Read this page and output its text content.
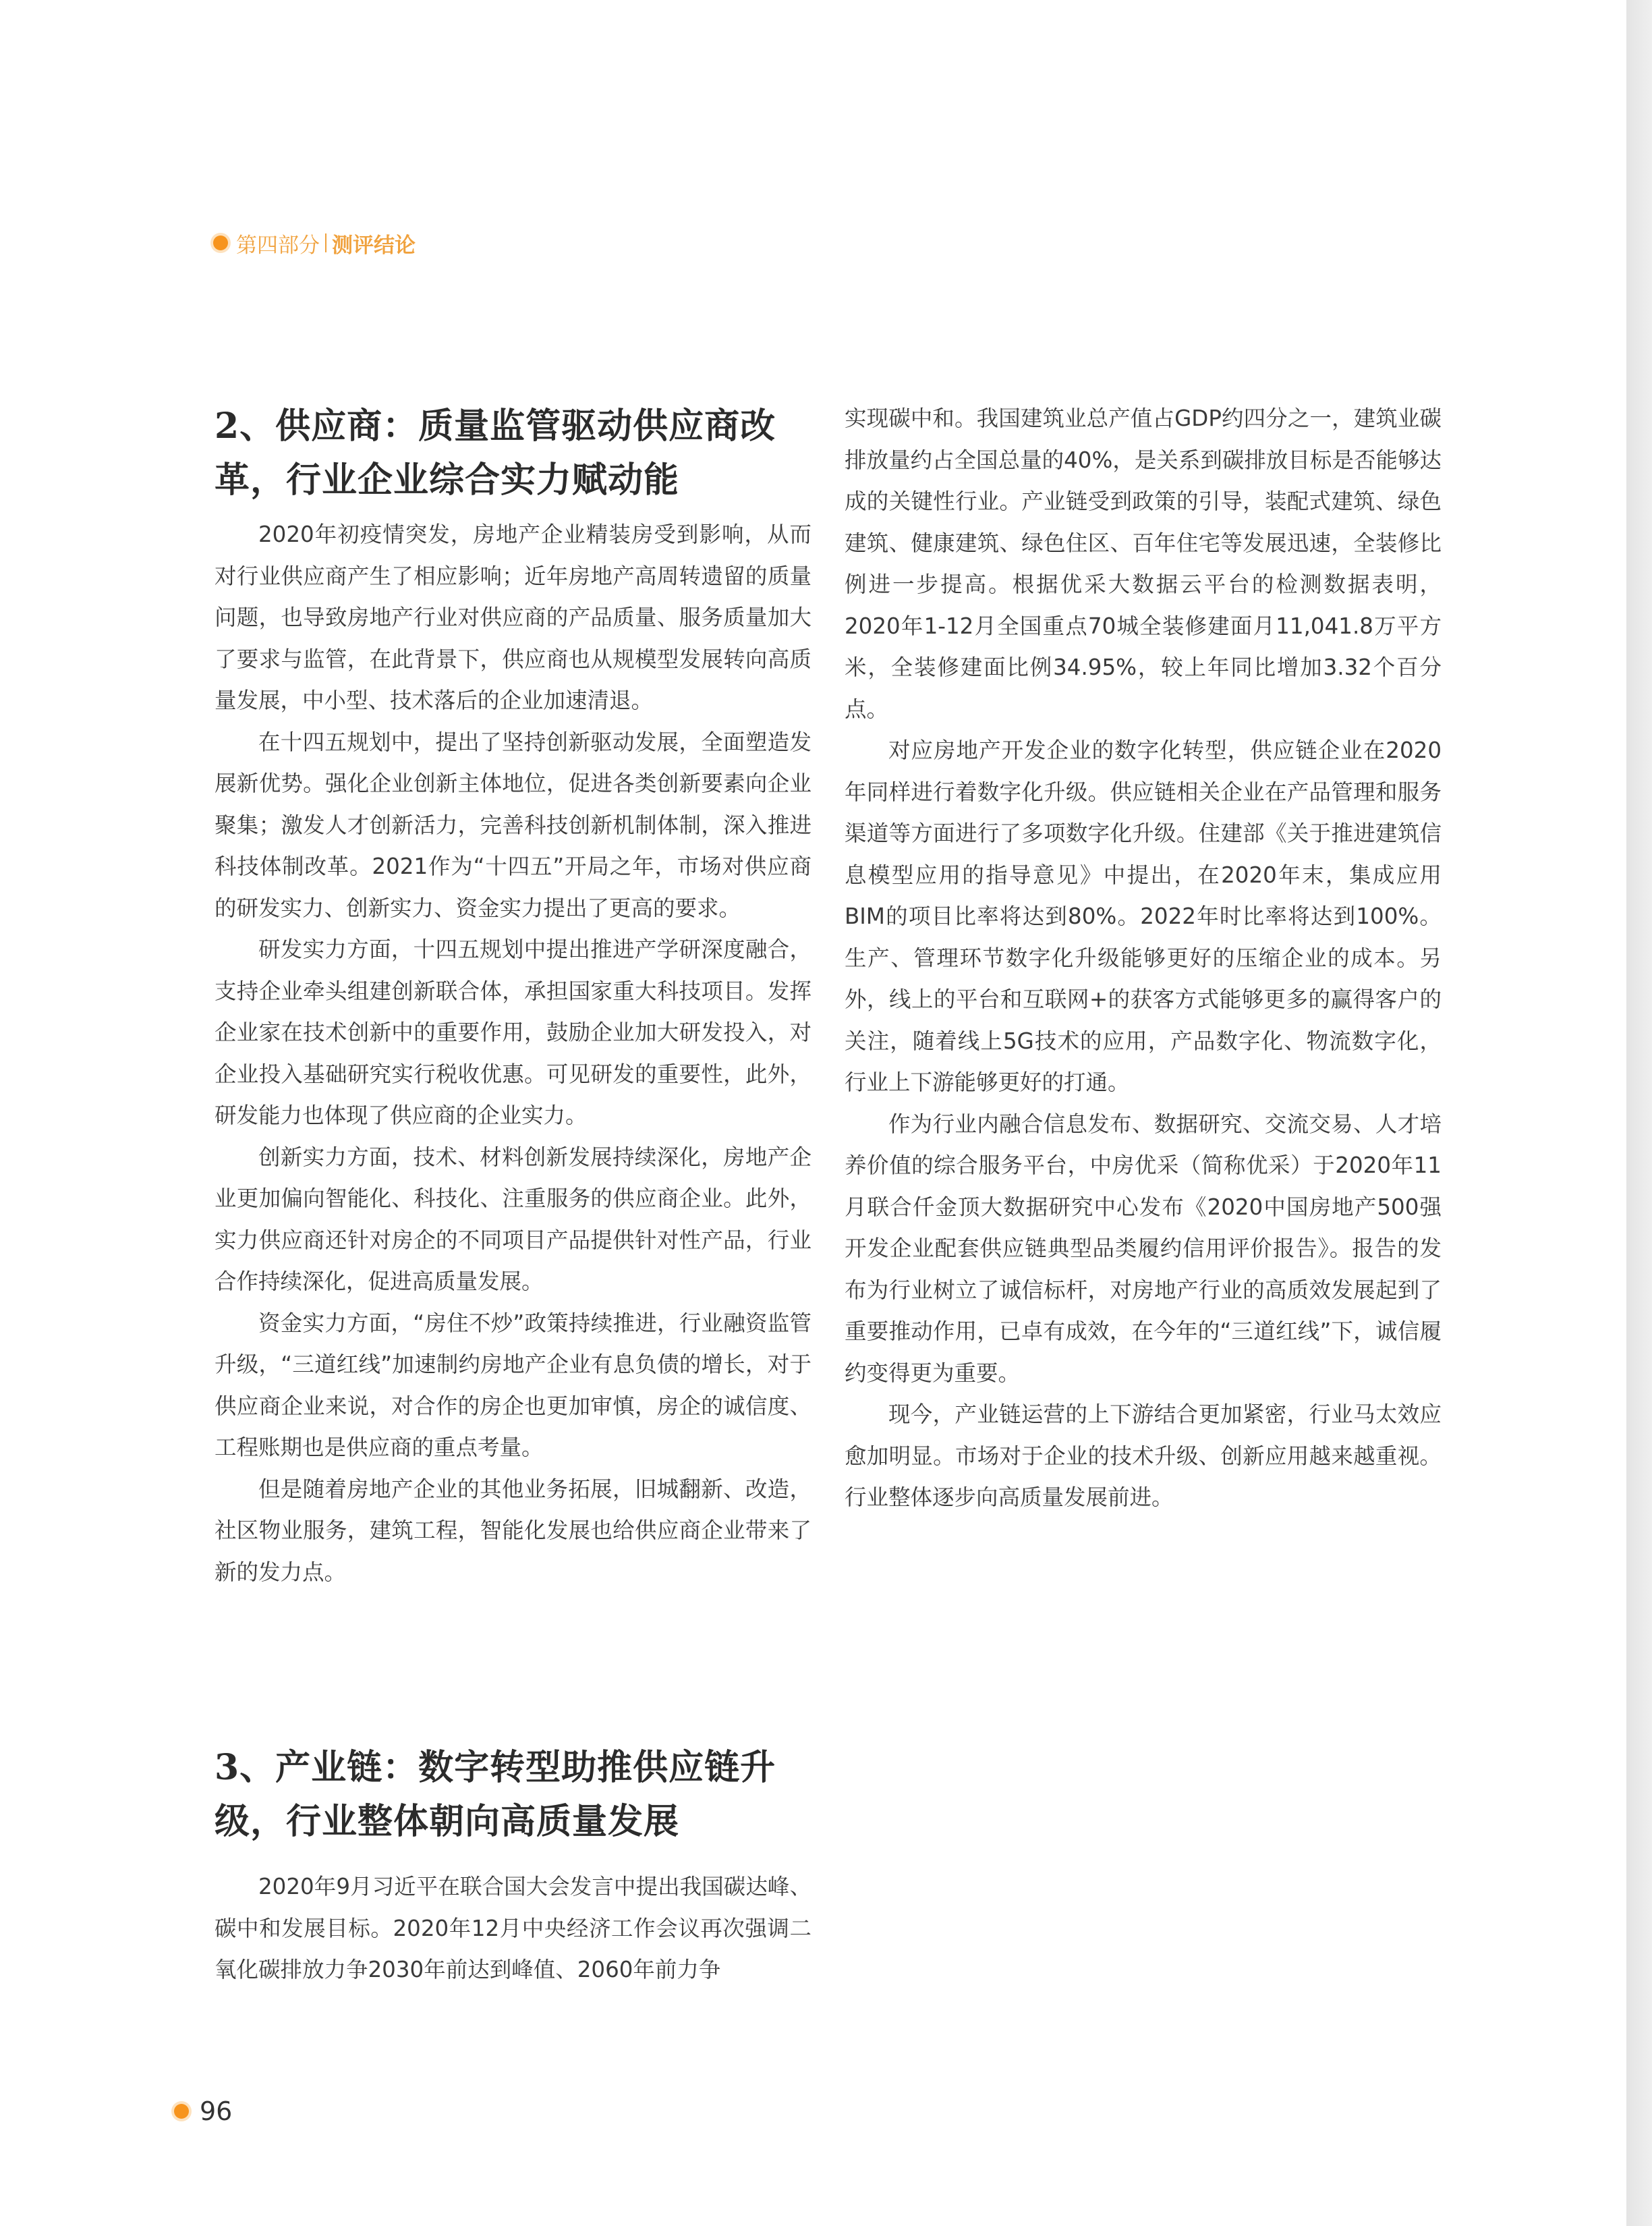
第四部分 测评结论
2、供应商：质量监管驱动供应商改
革，行业企业综合实力赋动能

2020年初疫情突发，房地产企业精装房受到影响，从而对行业供应商产生了相应影响；近年房地产高周转遗留的质量问题，也导致房地产行业对供应商的产品质量、服务质量加大了要求与监管，在此背景下，供应商也从规模型发展转向高质量发展，中小型、技术落后的企业加速清退。

在十四五规划中，提出了坚持创新驱动发展，全面塑造发展新优势。强化企业创新主体地位，促进各类创新要素向企业聚集；激发人才创新活力，完善科技创新机制体制，深入推进科技体制改革。2021作为“十四五”开局之年，市场对供应商的研发实力、创新实力、资金实力提出了更高的要求。

研发实力方面，十四五规划中提出推进产学研深度融合，支持企业牵头组建创新联合体，承担国家重大科技项目。发挥企业家在技术创新中的重要作用，鼓励企业加大研发投入，对企业投入基础研究实行税收优惠。可见研发的重要性，此外，研发能力也体现了供应商的企业实力。

创新实力方面，技术、材料创新发展持续深化，房地产企业更加偏向智能化、科技化、注重服务的供应商企业。此外，实力供应商还针对房企的不同项目产品提供针对性产品，行业合作持续深化，促进高质量发展。

资金实力方面，“房住不炒”政策持续推进，行业融资监管升级，“三道红线”加速制约房地产企业有息负债的增长，对于供应商企业来说，对合作的房企也更加审慎，房企的诚信度、工程账期也是供应商的重点考量。

但是随着房地产企业的其他业务拓展，旧城翻新、改造，社区物业服务，建筑工程，智能化发展也给供应商企业带来了新的发力点。

3、产业链：数字转型助推供应链升
级，行业整体朝向高质量发展

2020年9月习近平在联合国大会发言中提出我国碳达峰、碳中和发展目标。2020年12月中央经济工作会议再次强调二氧化碳排放力争2030年前达到峰值、2060年前力争

实现碳中和。我国建筑业总产值占GDP约四分之一，建筑业碳排放量约占全国总量的40%，是关系到碳排放目标是否能够达成的关键性行业。产业链受到政策的引导，装配式建筑、绿色建筑、健康建筑、绿色住区、百年住宅等发展迅速，全装修比例进一步提高。根据优采大数据云平台的检测数据表明，2020年1-12月全国重点70城全装修建面月11,041.8万平方米，全装修建面比例34.95%，较上年同比增加3.32个百分点。

对应房地产开发企业的数字化转型，供应链企业在2020年同样进行着数字化升级。供应链相关企业在产品管理和服务渠道等方面进行了多项数字化升级。住建部《关于推进建筑信息模型应用的指导意见》中提出，在2020年末，集成应用BIM的项目比率将达到80%。2022年时比率将达到100%。生产、管理环节数字化升级能够更好的压缩企业的成本。另外，线上的平台和互联网+的获客方式能够更多的赢得客户的关注，随着线上5G技术的应用，产品数字化、物流数字化，行业上下游能够更好的打通。

作为行业内融合信息发布、数据研究、交流交易、人才培养价值的综合服务平台，中房优采（简称优采）于2020年11月联合仟金顶大数据研究中心发布《2020中国房地产500强开发企业配套供应链典型品类履约信用评价报告》。报告的发布为行业树立了诚信标杆，对房地产行业的高质效发展起到了重要推动作用，已卓有成效，在今年的“三道红线”下，诚信履约变得更为重要。

现今，产业链运营的上下游结合更加紧密，行业马太效应愈加明显。市场对于企业的技术升级、创新应用越来越重视。行业整体逐步向高质量发展前进。

96
